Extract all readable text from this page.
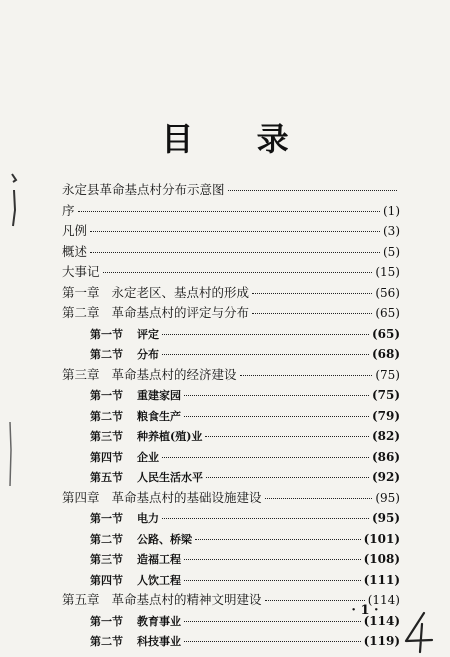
目 录
永定县革命基点村分布示意图
序	(1)
凡例	(3)
概述	(5)
大事记	(15)
第一章 永定老区、基点村的形成	(56)
第二章 革命基点村的评定与分布	(65)
第一节 评定	(65)
第二节 分布	(68)
第三章 革命基点村的经济建设	(75)
第一节 重建家园	(75)
第二节 粮食生产	(79)
第三节 种养植(殖)业	(82)
第四节 企业	(86)
第五节 人民生活水平	(92)
第四章 革命基点村的基础设施建设	(95)
第一节 电力	(95)
第二节 公路、桥梁	(101)
第三节 造福工程	(108)
第四节 人饮工程	(111)
第五章 革命基点村的精神文明建设	(114)
第一节 教育事业	(114)
第二节 科技事业	(119)
· 1 ·
